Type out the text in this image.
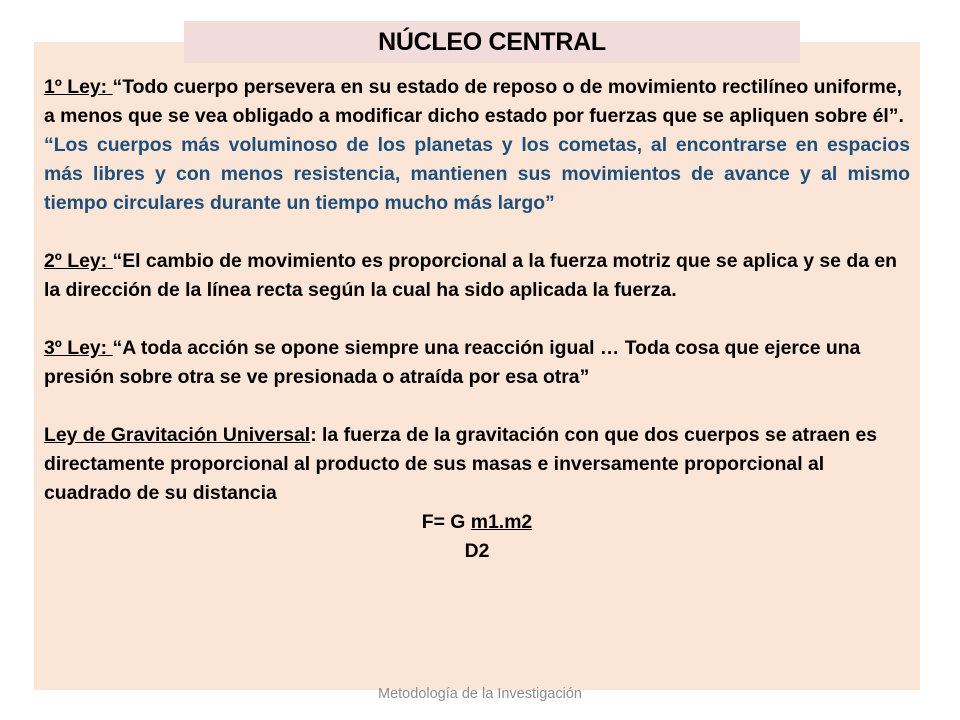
NÚCLEO CENTRAL

1º Ley: “Todo cuerpo persevera en su estado de reposo o de movimiento rectilíneo uniforme, a menos que se vea obligado a modificar dicho estado por fuerzas que se apliquen sobre él”.

“Los cuerpos más voluminoso de los planetas y los cometas, al encontrarse en espacios más libres y con menos resistencia, mantienen sus movimientos de avance y al mismo tiempo circulares durante un tiempo mucho más largo”

2º Ley: “El cambio de movimiento es proporcional a la fuerza motriz que se aplica y se da en la dirección de la línea recta según la cual ha sido aplicada la fuerza.

3º Ley: “A toda acción se opone siempre una reacción igual … Toda cosa que ejerce una presión sobre otra se ve presionada o atraída por esa otra”

Ley de Gravitación Universal: la fuerza de la gravitación con que dos cuerpos se atraen es directamente proporcional al producto de sus masas e inversamente proporcional al cuadrado de su distancia

F= G m1.m2

D2

Metodología de la Investigación
